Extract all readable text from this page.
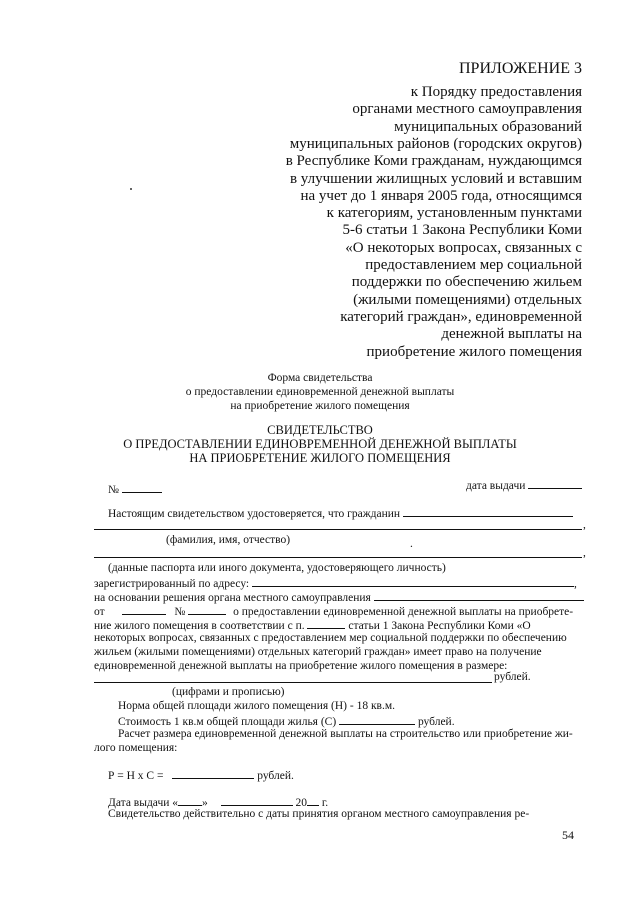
ПРИЛОЖЕНИЕ 3
к Порядку предоставления
органами местного самоуправления
муниципальных образований
муниципальных районов (городских округов)
в Республике Коми гражданам, нуждающимся
в улучшении жилищных условий и вставшим
на учет до 1 января 2005 года, относящимся
к категориям, установленным пунктами
5-6 статьи 1 Закона Республики Коми
«О некоторых вопросах, связанных с
предоставлением мер социальной
поддержки по обеспечению жильем
(жилыми помещениями) отдельных
категорий граждан», единовременной
денежной выплаты на
приобретение жилого помещения
Форма свидетельства
о предоставлении единовременной денежной выплаты
на приобретение жилого помещения
СВИДЕТЕЛЬСТВО
О ПРЕДОСТАВЛЕНИИ ЕДИНОВРЕМЕННОЙ ДЕНЕЖНОЙ ВЫПЛАТЫ
НА ПРИОБРЕТЕНИЕ ЖИЛОГО ПОМЕЩЕНИЯ
№	дата выдачи
Настоящим свидетельством удостоверяется, что гражданин
,
(фамилия, имя, отчество)	.
,
(данные паспорта или иного документа, удостоверяющего личность)
зарегистрированный по адресу:	,
на основании решения органа местного самоуправления
от	№	о предоставлении единовременной денежной выплаты на приобрете-
ние жилого помещения в соответствии с п.	статьи 1 Закона Республики Коми «О
некоторых вопросах, связанных с предоставлением мер социальной поддержки по обеспечению
жильем (жилыми помещениями) отдельных категорий граждан» имеет право на получение
единовременной денежной выплаты на приобретение жилого помещения в размере:
рублей.
(цифрами и прописью)
Норма общей площади жилого помещения (Н) - 18 кв.м.
Стоимость 1 кв.м общей площади жилья (С)	рублей.
Расчет размера единовременной денежной выплаты на строительство или приобретение жи-
лого помещения:
Р = Н х С =	рублей.
Дата выдачи « »	20 г.
Свидетельство действительно с даты принятия органом местного самоуправления ре-
54
